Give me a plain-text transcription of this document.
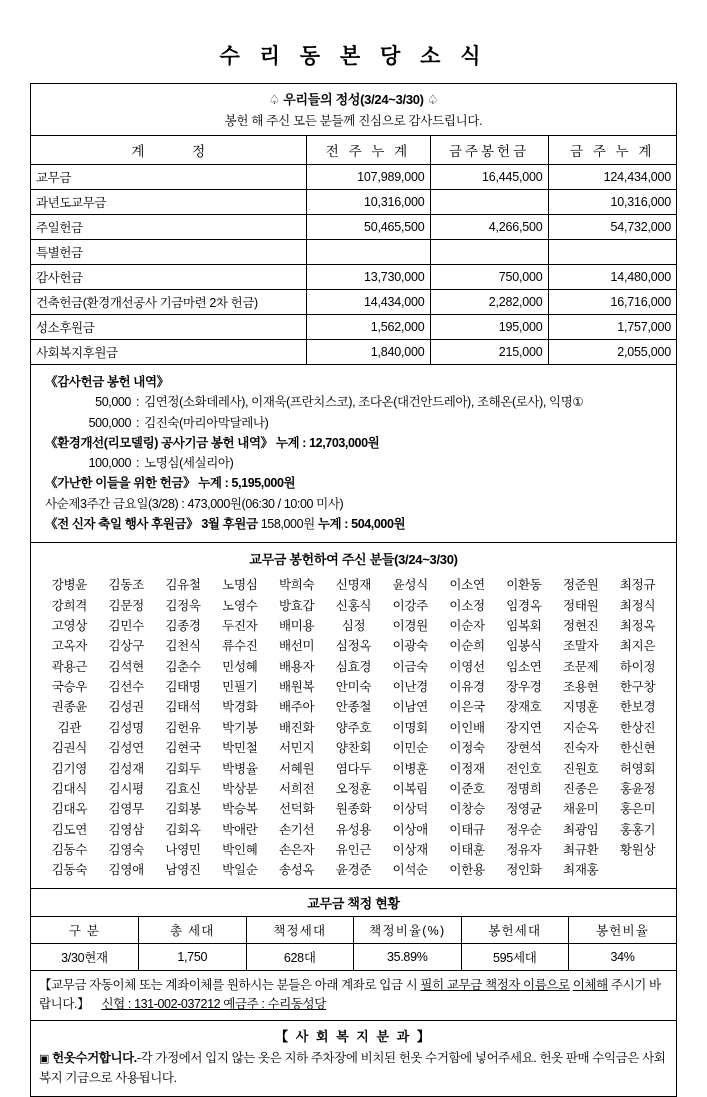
수 리 동 본 당 소 식
♤ 우리들의 정성(3/24~3/30) ♤
봉헌 해 주신 모든 분들께 진심으로 감사드립니다.
계 정	전 주 누 계	금주봉헌금	금 주 누 계
교무금	107,989,000	16,445,000	124,434,000
과년도교무금	10,316,000		10,316,000
주일헌금	50,465,500	4,266,500	54,732,000
특별헌금			
감사헌금	13,730,000	750,000	14,480,000
건축헌금(환경개선공사 기금마련 2차 헌금)	14,434,000	2,282,000	16,716,000
성소후원금	1,562,000	195,000	1,757,000
사회복지후원금	1,840,000	215,000	2,055,000
《감사헌금 봉헌 내역》
50,000 : 김연정(소화데레사), 이재욱(프란치스코), 조다온(대건안드레아), 조해온(로사), 익명①
500,000 : 김진숙(마리아막달레나)
《환경개선(리모델링) 공사기금 봉헌 내역》 누계 : 12,703,000원
100,000 : 노명심(세실리아)
《가난한 이들을 위한 헌금》 누계 : 5,195,000원
사순제3주간 금요일(3/28) : 473,000원(06:30 / 10:00 미사)
《전 신자 축일 행사 후원금》 3월 후원금 158,000원 누계 : 504,000원
교무금 봉헌하여 주신 분들(3/24~3/30)
강병윤	김동조	김유철	노명심	박희숙	신명재	윤성식	이소연	이환동	정준원	최정규
강희격	김문정	김정욱	노영수	방효갑	신홍식	이강주	이소정	임경옥	정태원	최정식
고영상	김민수	김종경	두진자	배미용	심정	이경원	이순자	임복회	정현진	최정옥
고옥자	김상구	김천식	류수진	배선미	심정옥	이광숙	이순희	임봉식	조말자	최지은
곽용근	김석현	김춘수	민성혜	배용자	심효경	이금숙	이영선	임소연	조문제	하이정
국승우	김선수	김태명	민필기	배원복	안미숙	이난경	이유경	장우경	조용현	한구창
권종윤	김성권	김태석	박경화	배주아	안종철	이남연	이은국	장재호	지명훈	한보경
김관	김성명	김헌유	박기봉	배진화	양주호	이명회	이인배	장지연	지순옥	한상진
김권식	김성연	김현국	박민철	서민지	양찬회	이민순	이정숙	장현석	진숙자	한신현
김기영	김성재	김회두	박병율	서혜원	염다두	이병훈	이정재	전인호	진원호	허영회
김대식	김시평	김효신	박상분	서희전	오정훈	이복림	이준호	정명희	진종은	홍윤정
김대옥	김영무	김회봉	박승복	선덕화	원종화	이상덕	이창승	정영균	채윤미	홍은미
김도연	김영삼	김회옥	박애란	손기선	유성용	이상애	이태규	정우순	최광임	홍홍기
김동수	김영숙	나영민	박인혜	손은자	유인근	이상재	이태훈	정유자	최규환	황원상
김동숙	김영애	남영진	박일순	송성옥	윤경준	이석순	이한용	정인화	최재홍	
교무금 책정 현황
구 분	총 세대	책정세대	책정비율(%)	봉헌세대	봉헌비율
3/30현재	1,750	628대	35.89%	595세대	34%
【교무금 자동이체 또는 계좌이체를 원하시는 분들은 아래 계좌로 입금 시 필히 교무금 책정자 이름으로 이체해 주시기 바랍니다.】 신협 : 131-002-037212 예금주 : 수리동성당
【 사 회 복 지 분 과 】
▣ 헌옷수거합니다.-각 가정에서 입지 않는 옷은 지하 주차장에 비치된 헌옷 수거함에 넣어주세요. 헌옷 판매 수익금은 사회복지 기금으로 사용됩니다.
